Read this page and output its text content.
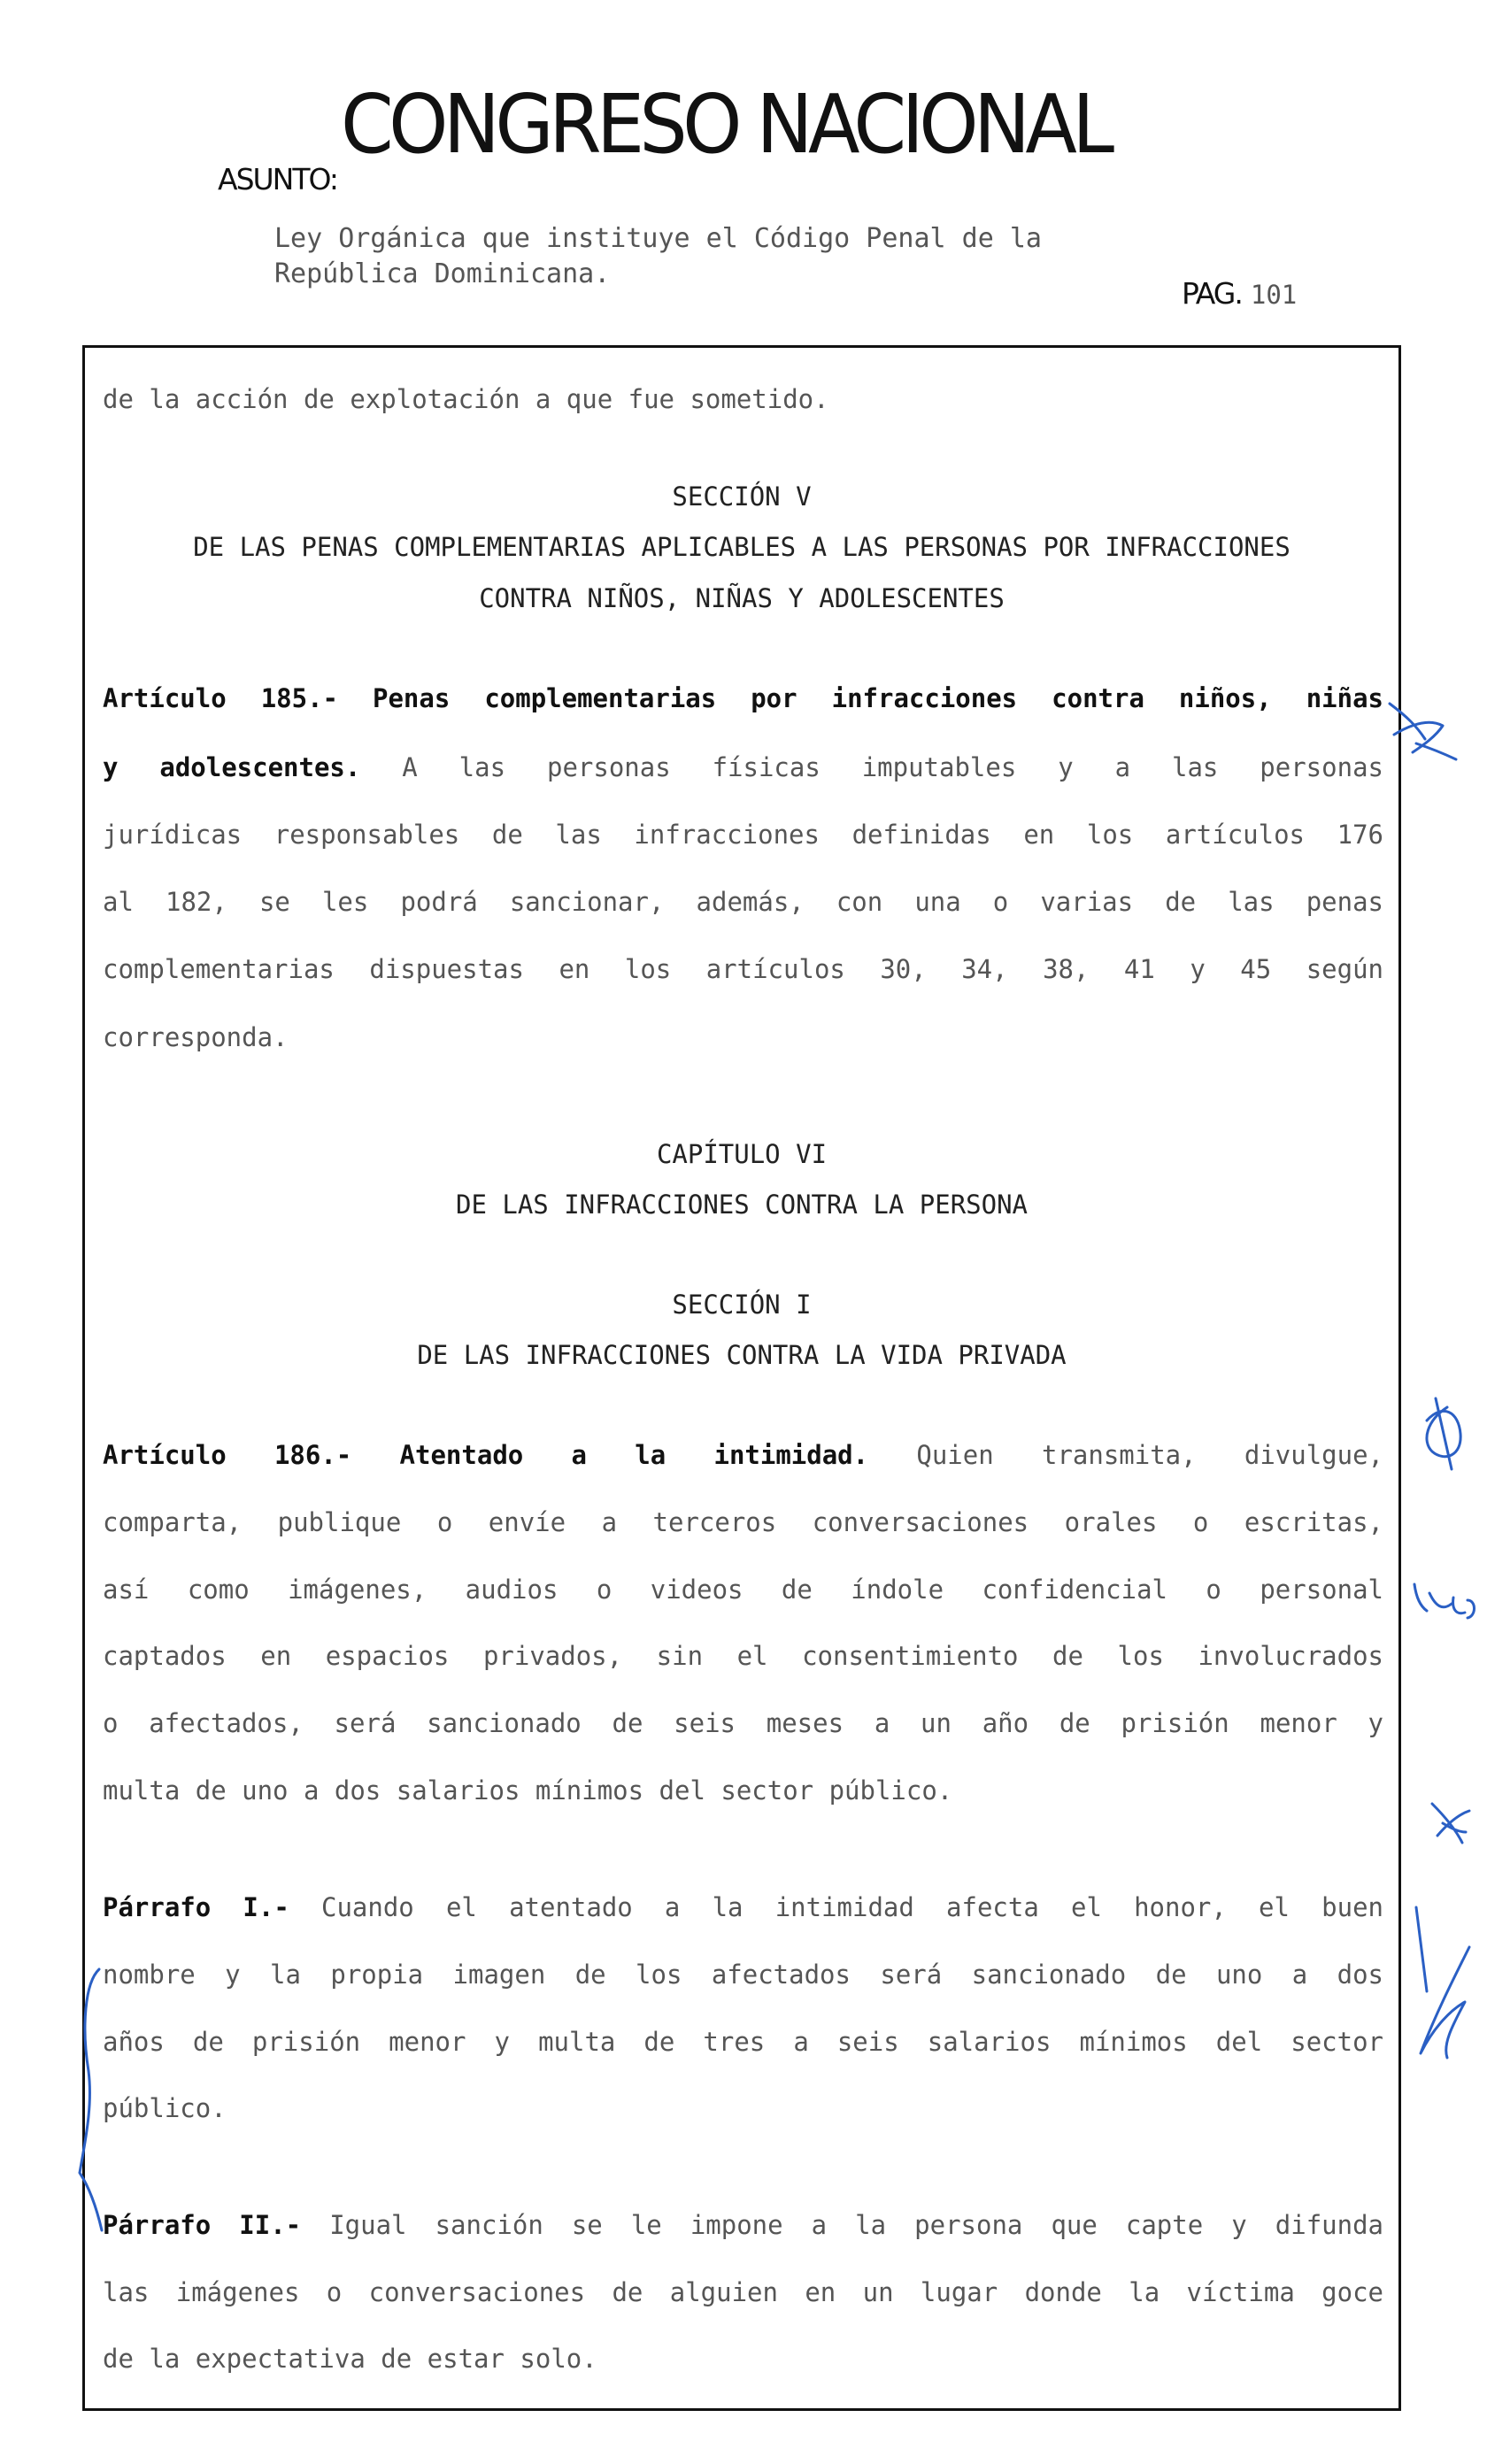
CONGRESO NACIONAL
ASUNTO:
Ley Orgánica que instituye el Código Penal de la
República Dominicana.
PAG. 101

de la acción de explotación a que fue sometido.

SECCIÓN V

DE LAS PENAS COMPLEMENTARIAS APLICABLES A LAS PERSONAS POR INFRACCIONES

CONTRA NIÑOS, NIÑAS Y ADOLESCENTES

Artículo 185.- Penas complementarias por infracciones contra niños, niñas

y adolescentes. A las personas físicas imputables y a las personas

jurídicas responsables de las infracciones definidas en los artículos 176

al 182, se les podrá sancionar, además, con una o varias de las penas

complementarias dispuestas en los artículos 30, 34, 38, 41 y 45 según

corresponda.

CAPÍTULO VI

DE LAS INFRACCIONES CONTRA LA PERSONA

SECCIÓN I

DE LAS INFRACCIONES CONTRA LA VIDA PRIVADA

Artículo 186.- Atentado a la intimidad. Quien transmita, divulgue,

comparta, publique o envíe a terceros conversaciones orales o escritas,

así como imágenes, audios o videos de índole confidencial o personal

captados en espacios privados, sin el consentimiento de los involucrados

o afectados, será sancionado de seis meses a un año de prisión menor y

multa de uno a dos salarios mínimos del sector público.

Párrafo I.- Cuando el atentado a la intimidad afecta el honor, el buen

nombre y la propia imagen de los afectados será sancionado de uno a dos

años de prisión menor y multa de tres a seis salarios mínimos del sector

público.

Párrafo II.- Igual sanción se le impone a la persona que capte y difunda

las imágenes o conversaciones de alguien en un lugar donde la víctima goce

de la expectativa de estar solo.
